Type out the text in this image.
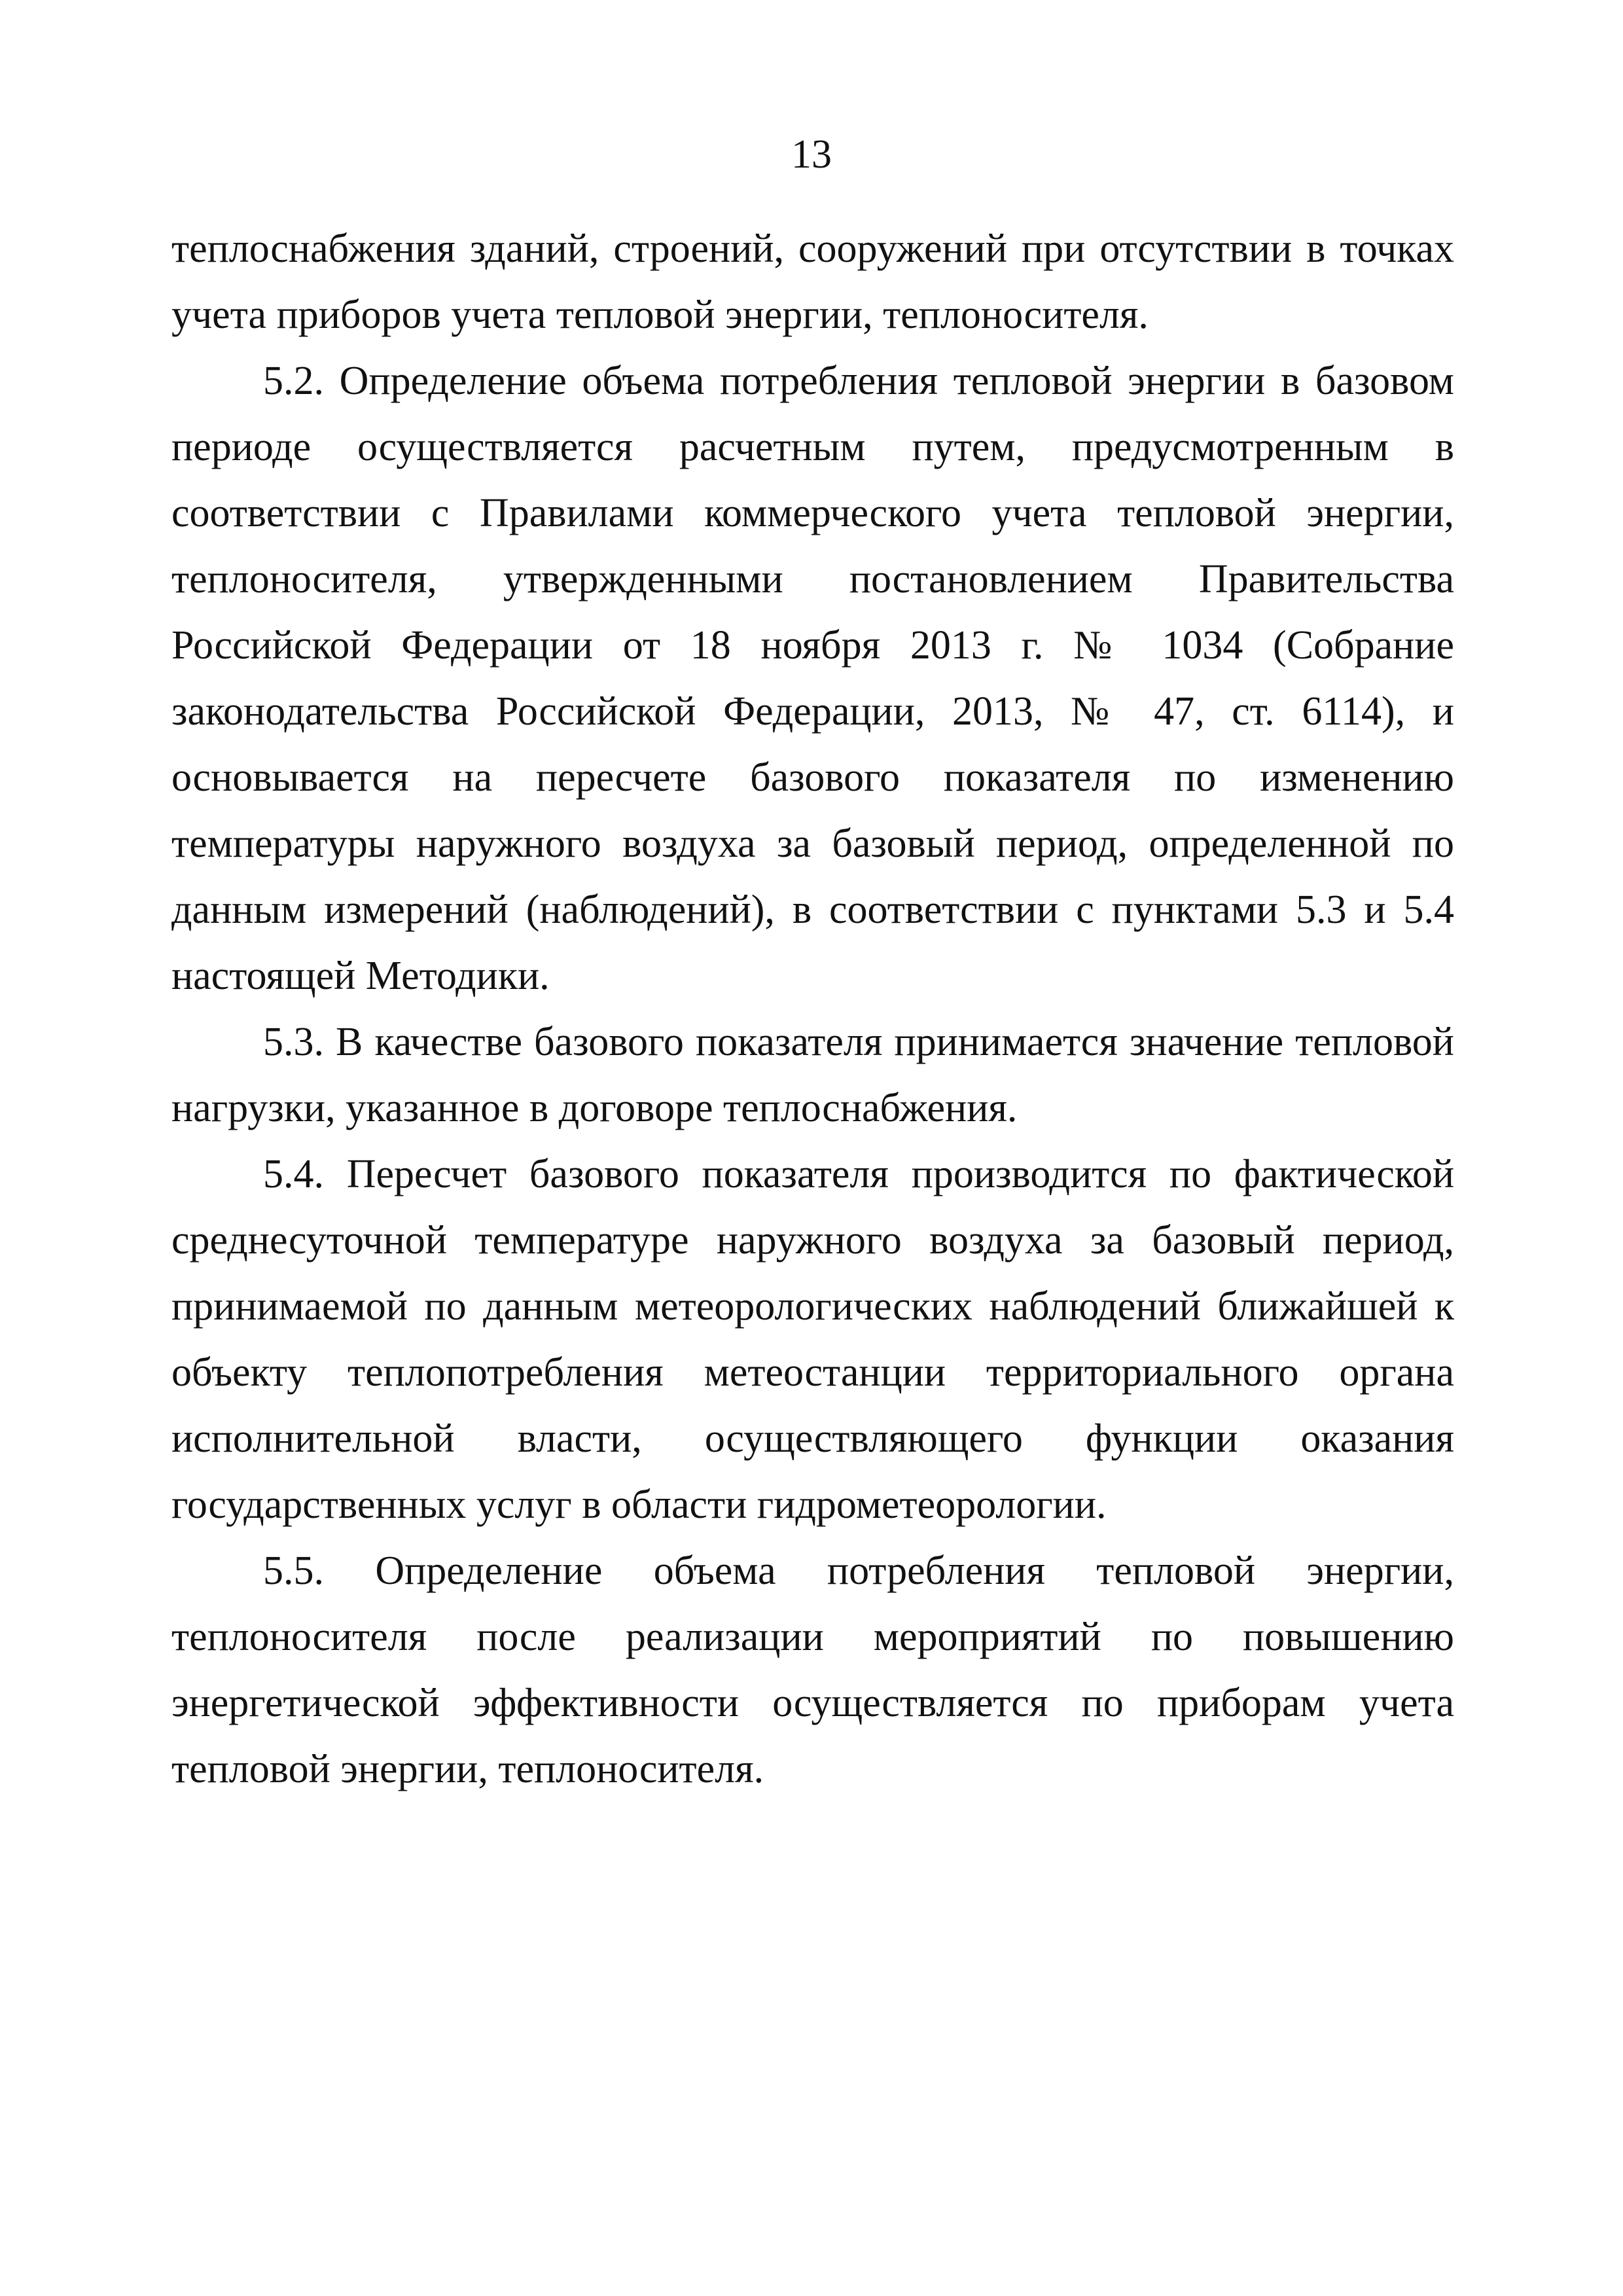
13

теплоснабжения зданий, строений, сооружений при отсутствии в точках учета приборов учета тепловой энергии, теплоносителя.

5.2. Определение объема потребления тепловой энергии в базовом периоде осуществляется расчетным путем, предусмотренным в соответствии с Правилами коммерческого учета тепловой энергии, теплоносителя, утвержденными постановлением Правительства Российской Федерации от 18 ноября 2013 г. № 1034 (Собрание законодательства Российской Федерации, 2013, № 47, ст. 6114), и основывается на пересчете базового показателя по изменению температуры наружного воздуха за базовый период, определенной по данным измерений (наблюдений), в соответствии с пунктами 5.3 и 5.4 настоящей Методики.

5.3. В качестве базового показателя принимается значение тепловой нагрузки, указанное в договоре теплоснабжения.

5.4. Пересчет базового показателя производится по фактической среднесуточной температуре наружного воздуха за базовый период, принимаемой по данным метеорологических наблюдений ближайшей к объекту теплопотребления метеостанции территориального органа исполнительной власти, осуществляющего функции оказания государственных услуг в области гидрометеорологии.

5.5. Определение объема потребления тепловой энергии, теплоносителя после реализации мероприятий по повышению энергетической эффективности осуществляется по приборам учета тепловой энергии, теплоносителя.
